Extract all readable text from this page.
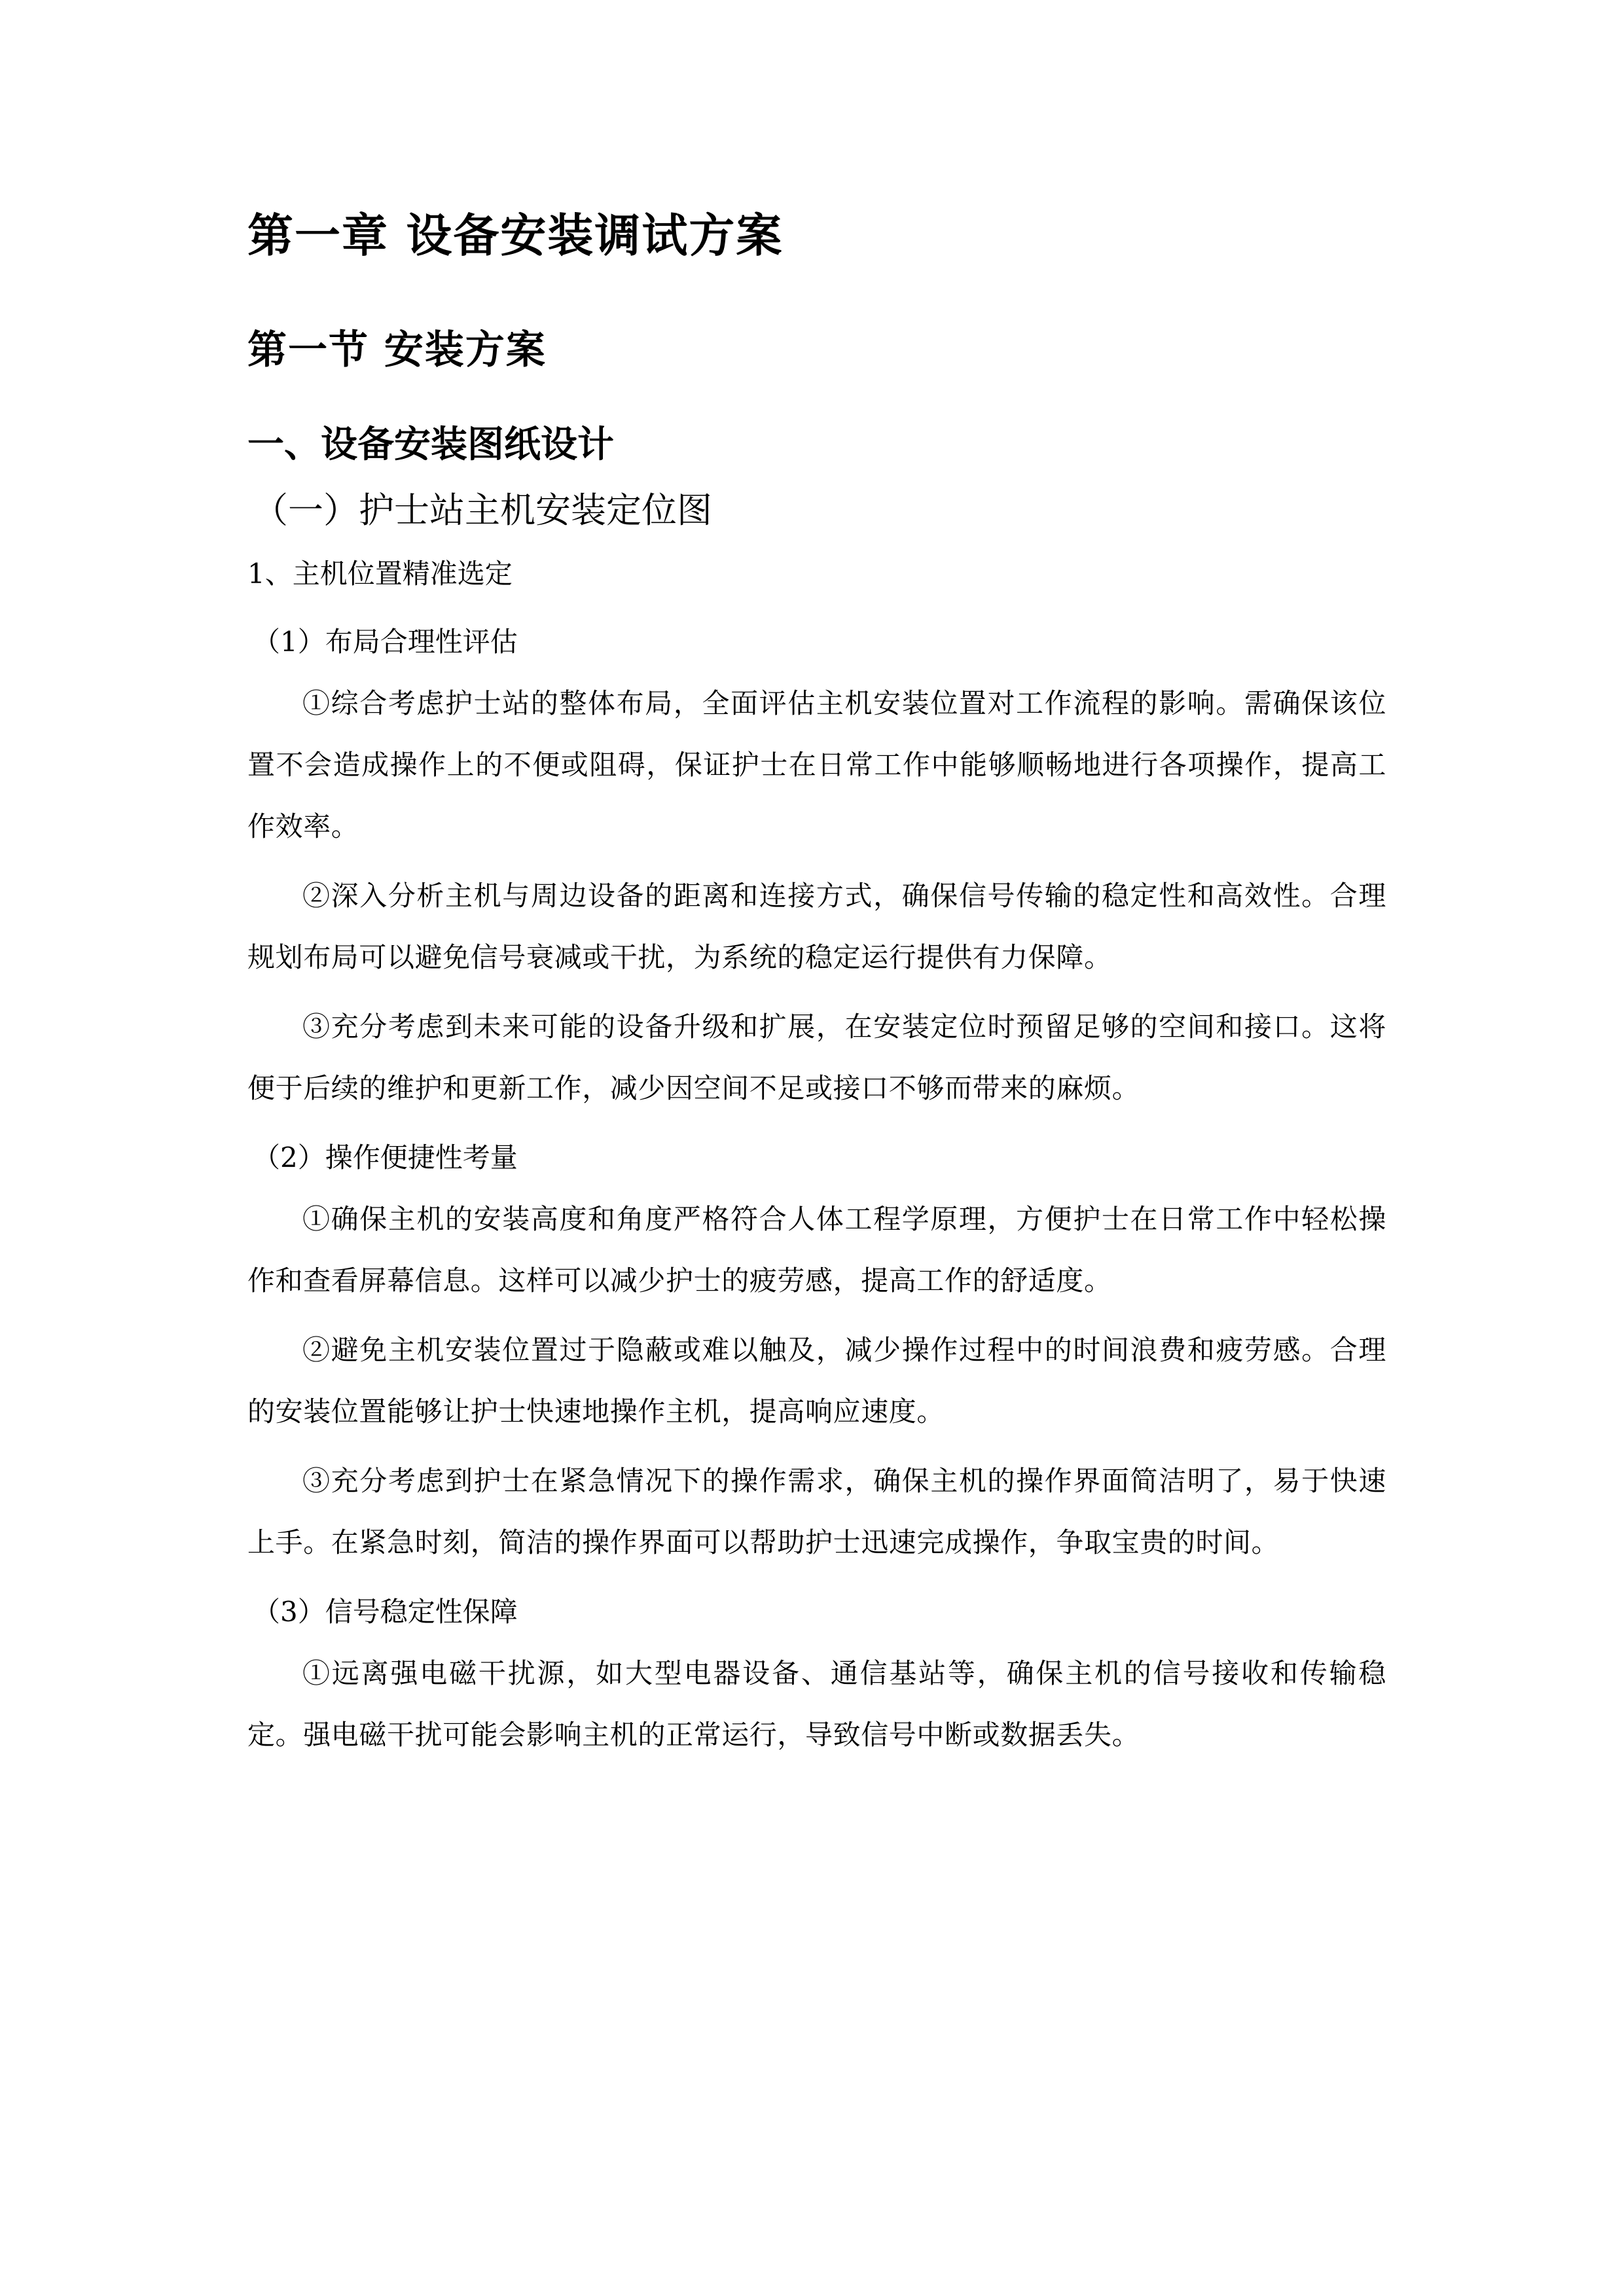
第一章 设备安装调试方案
第一节 安装方案
一、设备安装图纸设计
（一）护士站主机安装定位图
1、主机位置精准选定
（1）布局合理性评估

①综合考虑护士站的整体布局，全面评估主机安装位置对工作流程的影响。需确保该位置不会造成操作上的不便或阻碍，保证护士在日常工作中能够顺畅地进行各项操作，提高工作效率。

②深入分析主机与周边设备的距离和连接方式，确保信号传输的稳定性和高效性。合理规划布局可以避免信号衰减或干扰，为系统的稳定运行提供有力保障。

③充分考虑到未来可能的设备升级和扩展，在安装定位时预留足够的空间和接口。这将便于后续的维护和更新工作，减少因空间不足或接口不够而带来的麻烦。

（2）操作便捷性考量

①确保主机的安装高度和角度严格符合人体工程学原理，方便护士在日常工作中轻松操作和查看屏幕信息。这样可以减少护士的疲劳感，提高工作的舒适度。

②避免主机安装位置过于隐蔽或难以触及，减少操作过程中的时间浪费和疲劳感。合理的安装位置能够让护士快速地操作主机，提高响应速度。

③充分考虑到护士在紧急情况下的操作需求，确保主机的操作界面简洁明了，易于快速上手。在紧急时刻，简洁的操作界面可以帮助护士迅速完成操作，争取宝贵的时间。

（3）信号稳定性保障

①远离强电磁干扰源，如大型电器设备、通信基站等，确保主机的信号接收和传输稳定。强电磁干扰可能会影响主机的正常运行，导致信号中断或数据丢失。
